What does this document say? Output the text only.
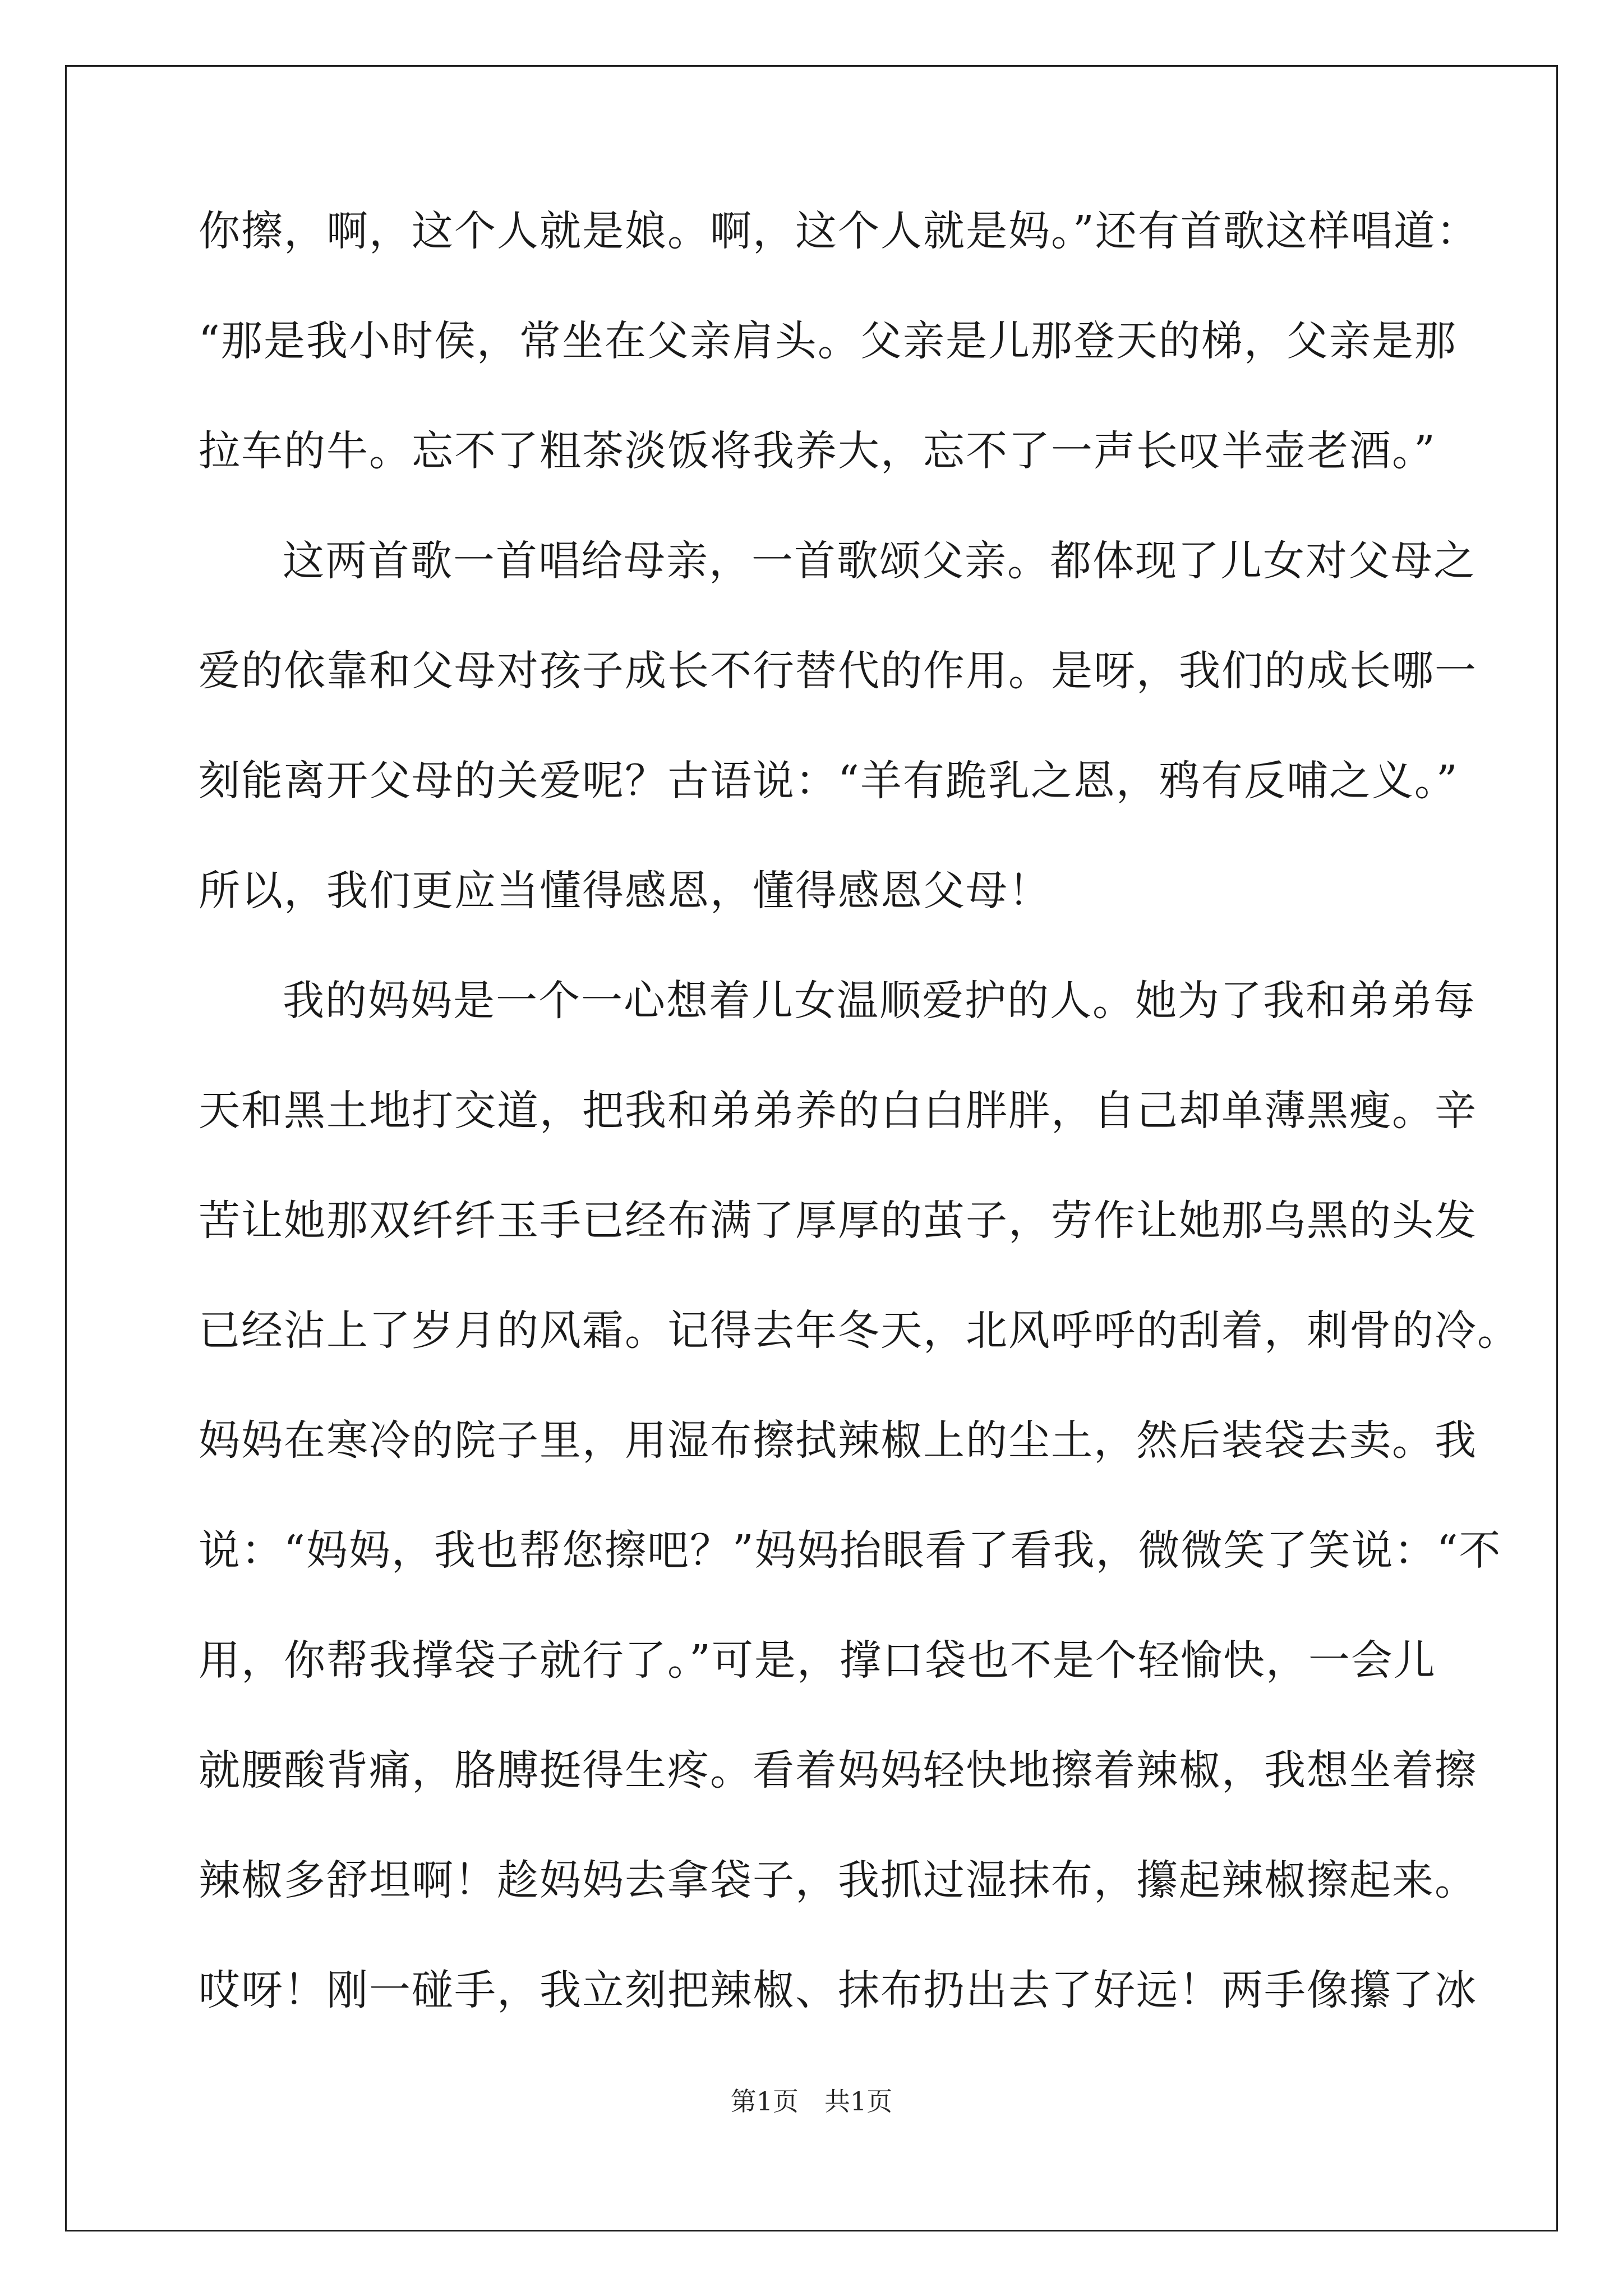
你擦，啊，这个人就是娘。啊，这个人就是妈。”还有首歌这样唱道：
“那是我小时侯，常坐在父亲肩头。父亲是儿那登天的梯，父亲是那
拉车的牛。忘不了粗茶淡饭将我养大，忘不了一声长叹半壶老酒。”
这两首歌一首唱给母亲，一首歌颂父亲。都体现了儿女对父母之
爱的依靠和父母对孩子成长不行替代的作用。是呀，我们的成长哪一
刻能离开父母的关爱呢？古语说：“羊有跪乳之恩，鸦有反哺之义。”
所以，我们更应当懂得感恩，懂得感恩父母！
我的妈妈是一个一心想着儿女温顺爱护的人。她为了我和弟弟每
天和黑土地打交道，把我和弟弟养的白白胖胖，自己却单薄黑瘦。辛
苦让她那双纤纤玉手已经布满了厚厚的茧子，劳作让她那乌黑的头发
已经沾上了岁月的风霜。记得去年冬天，北风呼呼的刮着，刺骨的冷。
妈妈在寒冷的院子里，用湿布擦拭辣椒上的尘土，然后装袋去卖。我
说：“妈妈，我也帮您擦吧？”妈妈抬眼看了看我，微微笑了笑说：“不
用，你帮我撑袋子就行了。”可是，撑口袋也不是个轻愉快，一会儿
就腰酸背痛，胳膊挺得生疼。看着妈妈轻快地擦着辣椒，我想坐着擦
辣椒多舒坦啊！趁妈妈去拿袋子，我抓过湿抹布，攥起辣椒擦起来。
哎呀！刚一碰手，我立刻把辣椒、抹布扔出去了好远！两手像攥了冰
第1页　共1页
